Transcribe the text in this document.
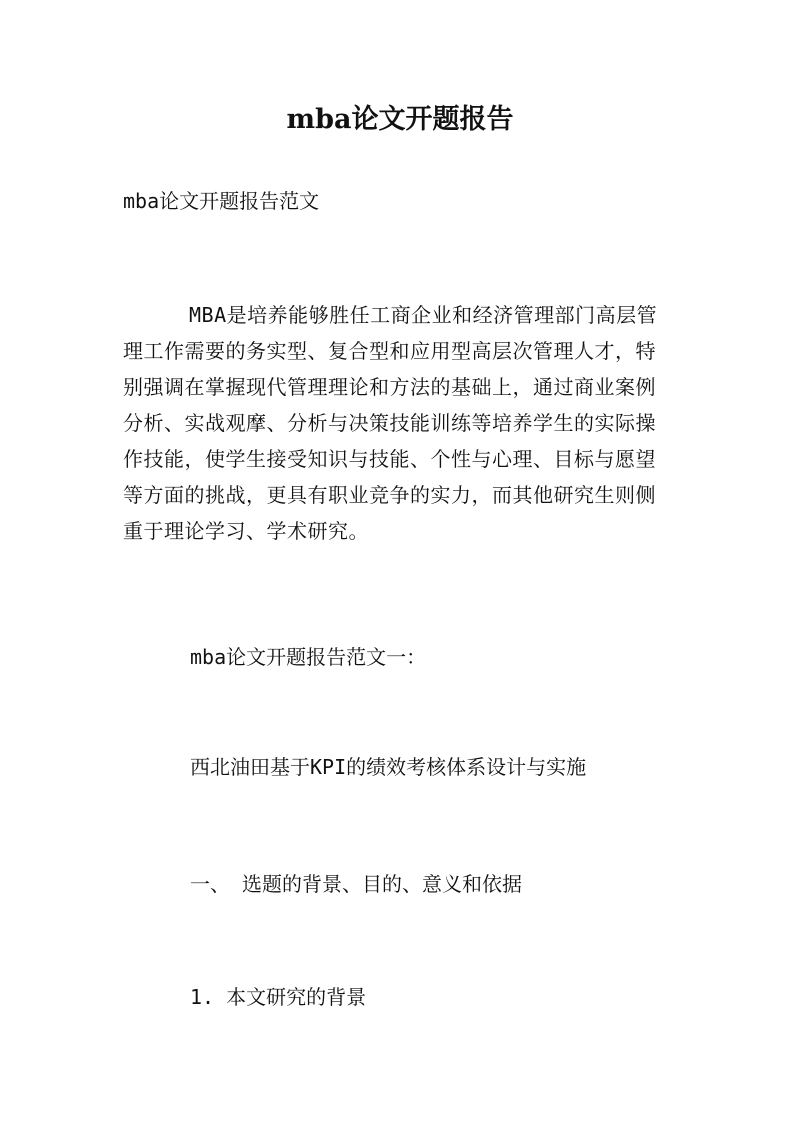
mba论文开题报告
mba论文开题报告范文
MBA是培养能够胜任工商企业和经济管理部门高层管
理工作需要的务实型、复合型和应用型高层次管理人才，特
别强调在掌握现代管理理论和方法的基础上，通过商业案例
分析、实战观摩、分析与决策技能训练等培养学生的实际操
作技能，使学生接受知识与技能、个性与心理、目标与愿望
等方面的挑战，更具有职业竞争的实力，而其他研究生则侧
重于理论学习、学术研究。
mba论文开题报告范文一：
西北油田基于KPI的绩效考核体系设计与实施
一、 选题的背景、目的、意义和依据
1. 本文研究的背景
